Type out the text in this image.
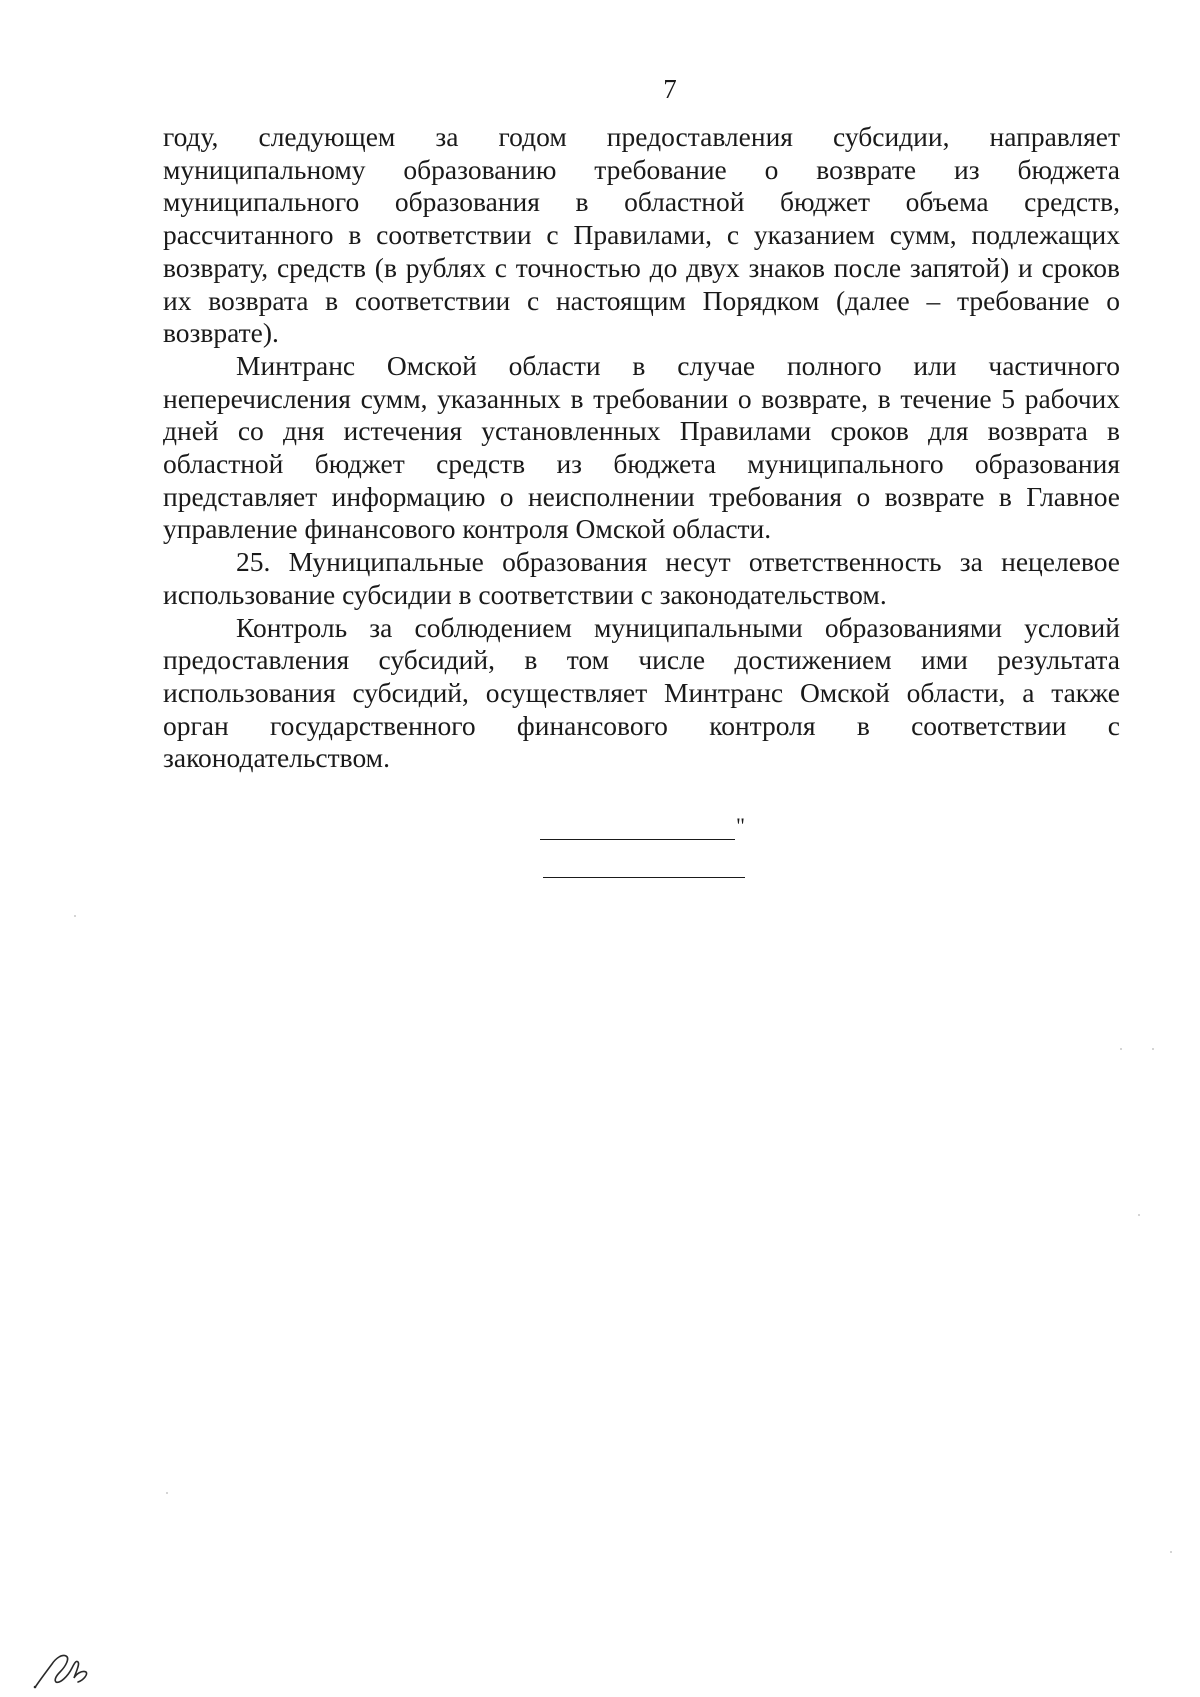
7

году, следующем за годом предоставления субсидии, направляет муниципальному образованию требование о возврате из бюджета муниципального образования в областной бюджет объема средств, рассчитанного в соответствии с Правилами, с указанием сумм, подлежащих возврату, средств (в рублях с точностью до двух знаков после запятой) и сроков их возврата в соответствии с настоящим Порядком (далее – требование о возврате).

Минтранс Омской области в случае полного или частичного неперечисления сумм, указанных в требовании о возврате, в течение 5 рабочих дней со дня истечения установленных Правилами сроков для возврата в областной бюджет средств из бюджета муниципального образования представляет информацию о неисполнении требования о возврате в Главное управление финансового контроля Омской области.

25. Муниципальные образования несут ответственность за нецелевое использование субсидии в соответствии с законодательством.

Контроль за соблюдением муниципальными образованиями условий предоставления субсидий, в том числе достижением ими результата использования субсидий, осуществляет Минтранс Омской области, а также орган государственного финансового контроля в соответствии с законодательством.

"
